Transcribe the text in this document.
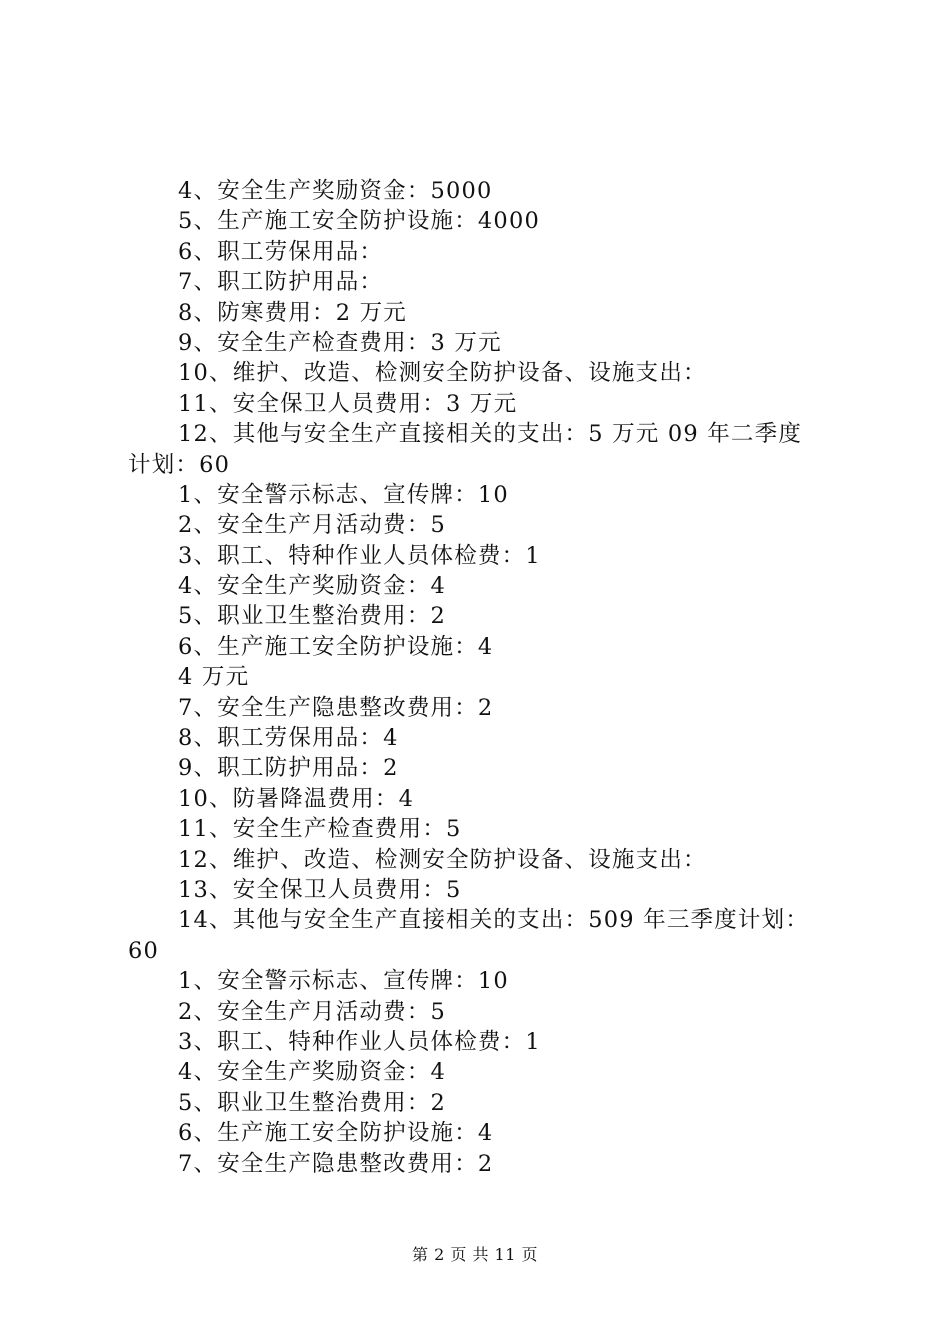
4、安全生产奖励资金：5000
5、生产施工安全防护设施：4000
6、职工劳保用品：
7、职工防护用品：
8、防寒费用：2 万元
9、安全生产检查费用：3 万元
10、维护、改造、检测安全防护设备、设施支出：
11、安全保卫人员费用：3 万元
12、其他与安全生产直接相关的支出：5 万元 09 年二季度
计划：60
1、安全警示标志、宣传牌：10
2、安全生产月活动费：5
3、职工、特种作业人员体检费：1
4、安全生产奖励资金：4
5、职业卫生整治费用：2
6、生产施工安全防护设施：4
4 万元
7、安全生产隐患整改费用：2
8、职工劳保用品：4
9、职工防护用品：2
10、防暑降温费用：4
11、安全生产检查费用：5
12、维护、改造、检测安全防护设备、设施支出：
13、安全保卫人员费用：5
14、其他与安全生产直接相关的支出：509 年三季度计划：
60
1、安全警示标志、宣传牌：10
2、安全生产月活动费：5
3、职工、特种作业人员体检费：1
4、安全生产奖励资金：4
5、职业卫生整治费用：2
6、生产施工安全防护设施：4
7、安全生产隐患整改费用：2
第 2 页 共 11 页
